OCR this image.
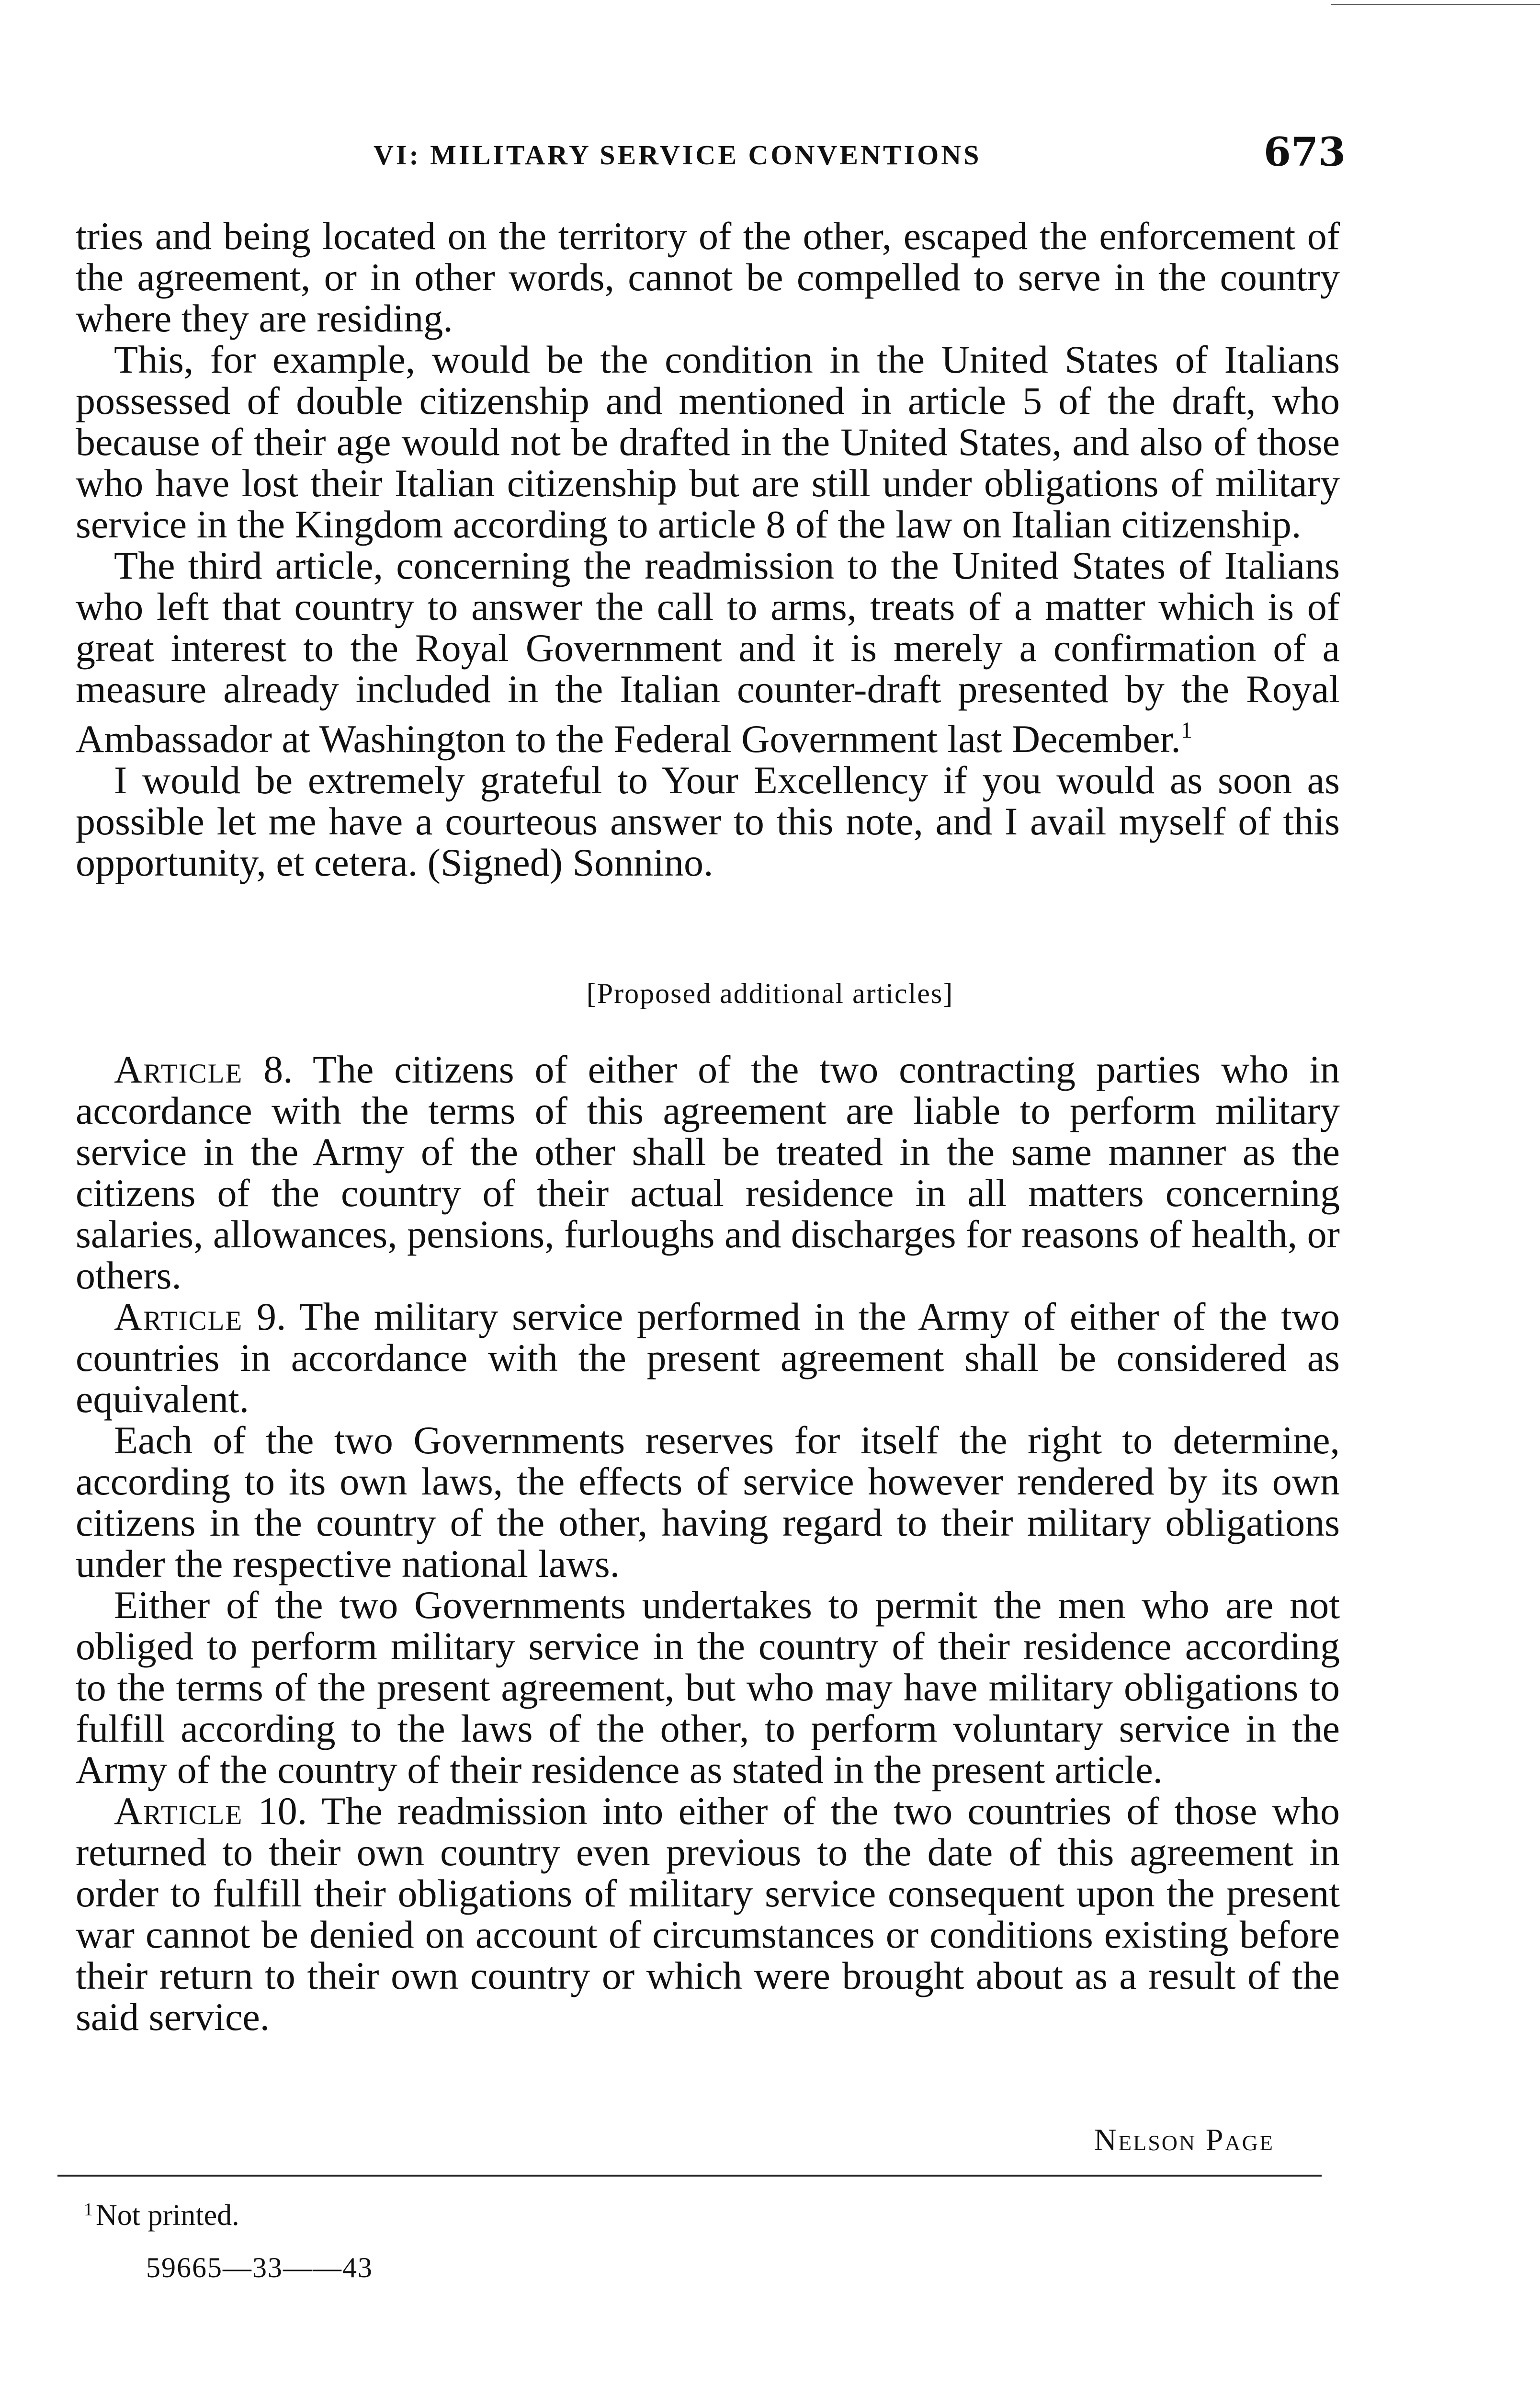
VI: MILITARY SERVICE CONVENTIONS	673

tries and being located on the territory of the other, escaped the enforcement of the agreement, or in other words, cannot be compelled to serve in the country where they are residing.

This, for example, would be the condition in the United States of Italians possessed of double citizenship and mentioned in article 5 of the draft, who because of their age would not be drafted in the United States, and also of those who have lost their Italian citizenship but are still under obligations of military service in the Kingdom according to article 8 of the law on Italian citizenship.

The third article, concerning the readmission to the United States of Italians who left that country to answer the call to arms, treats of a matter which is of great interest to the Royal Government and it is merely a confirmation of a measure already included in the Italian counter-draft presented by the Royal Ambassador at Washington to the Federal Government last December.$^1$

I would be extremely grateful to Your Excellency if you would as soon as possible let me have a courteous answer to this note, and I avail myself of this opportunity, et cetera. (Signed) Sonnino.

[Proposed additional articles]

Article 8. The citizens of either of the two contracting parties who in accordance with the terms of this agreement are liable to perform military service in the Army of the other shall be treated in the same manner as the citizens of the country of their actual residence in all matters concerning salaries, allowances, pensions, furloughs and discharges for reasons of health, or others.

Article 9. The military service performed in the Army of either of the two countries in accordance with the present agreement shall be considered as equivalent.

Each of the two Governments reserves for itself the right to determine, according to its own laws, the effects of service however rendered by its own citizens in the country of the other, having regard to their military obligations under the respective national laws.

Either of the two Governments undertakes to permit the men who are not obliged to perform military service in the country of their residence according to the terms of the present agreement, but who may have military obligations to fulfill according to the laws of the other, to perform voluntary service in the Army of the country of their residence as stated in the present article.

Article 10. The readmission into either of the two countries of those who returned to their own country even previous to the date of this agreement in order to fulfill their obligations of military service consequent upon the present war cannot be denied on account of circumstances or conditions existing before their return to their own country or which were brought about as a result of the said service.

Nelson Page
$^1$Not printed.
59665—33——43
